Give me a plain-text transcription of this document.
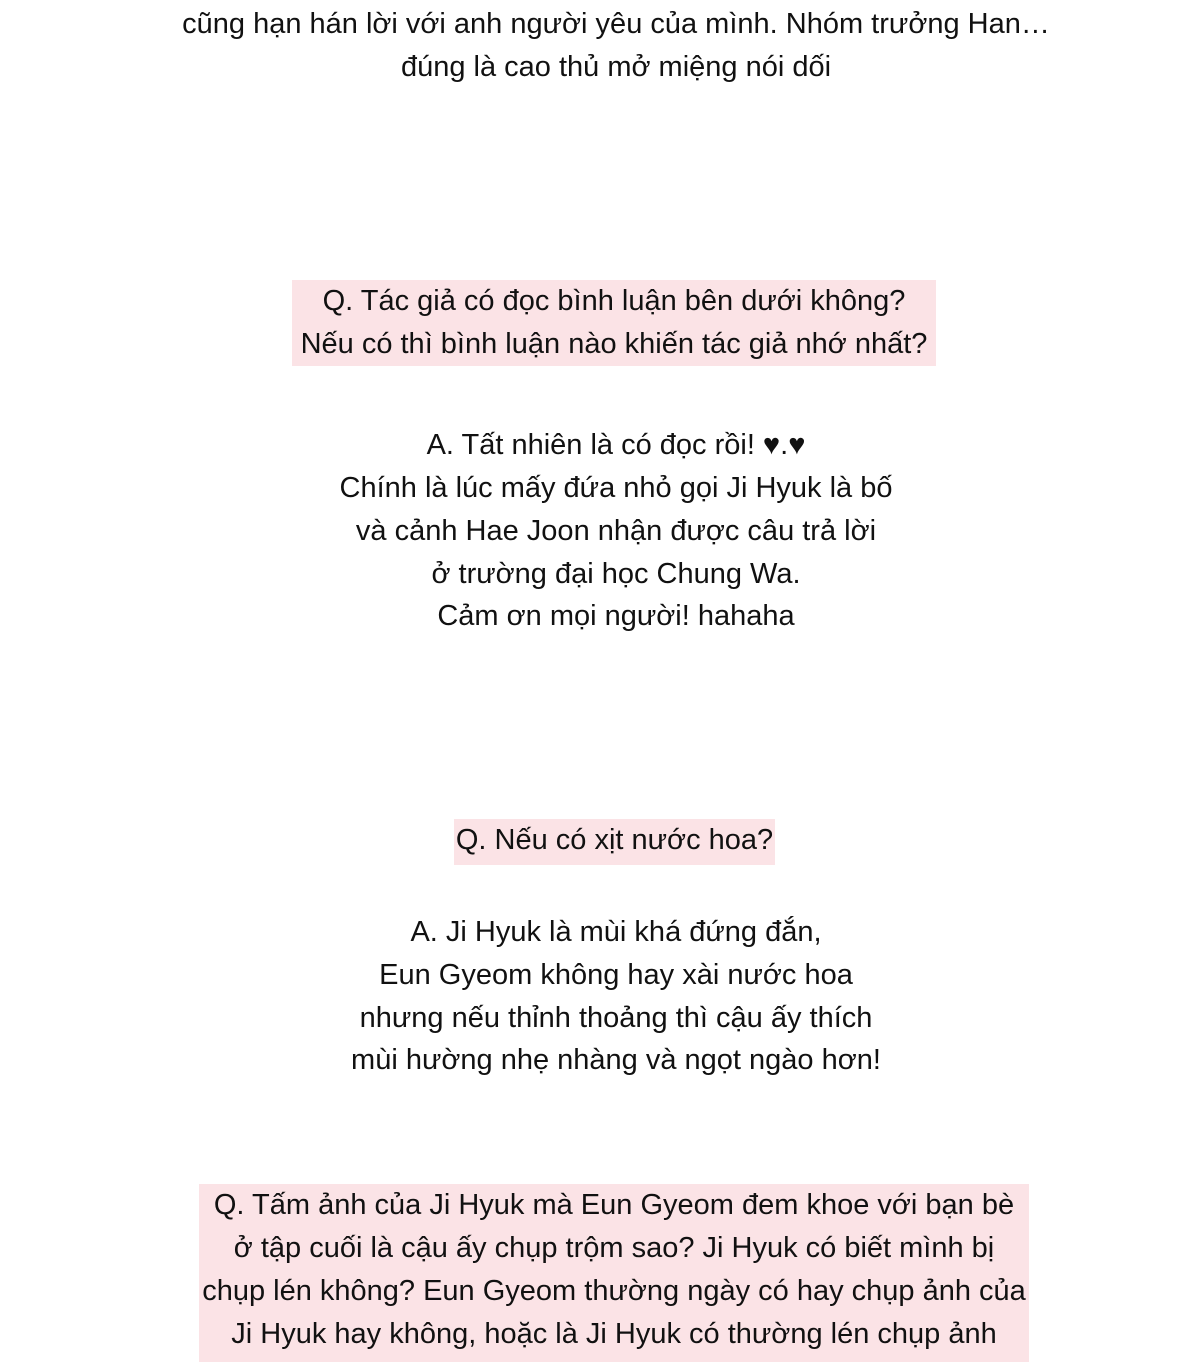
cũng hạn hán lời với anh người yêu của mình. Nhóm trưởng Han…
đúng là cao thủ mở miệng nói dối
Q. Tác giả có đọc bình luận bên dưới không?
Nếu có thì bình luận nào khiến tác giả nhớ nhất?
A. Tất nhiên là có đọc rồi! ♥.♥
Chính là lúc mấy đứa nhỏ gọi Ji Hyuk là bố
và cảnh Hae Joon nhận được câu trả lời
ở trường đại học Chung Wa.
Cảm ơn mọi người! hahaha
Q. Nếu có xịt nước hoa?
A. Ji Hyuk là mùi khá đứng đắn,
Eun Gyeom không hay xài nước hoa
nhưng nếu thỉnh thoảng thì cậu ấy thích
mùi hường nhẹ nhàng và ngọt ngào hơn!
Q. Tấm ảnh của Ji Hyuk mà Eun Gyeom đem khoe với bạn bè
ở tập cuối là cậu ấy chụp trộm sao? Ji Hyuk có biết mình bị
chụp lén không? Eun Gyeom thường ngày có hay chụp ảnh của
Ji Hyuk hay không, hoặc là Ji Hyuk có thường lén chụp ảnh
